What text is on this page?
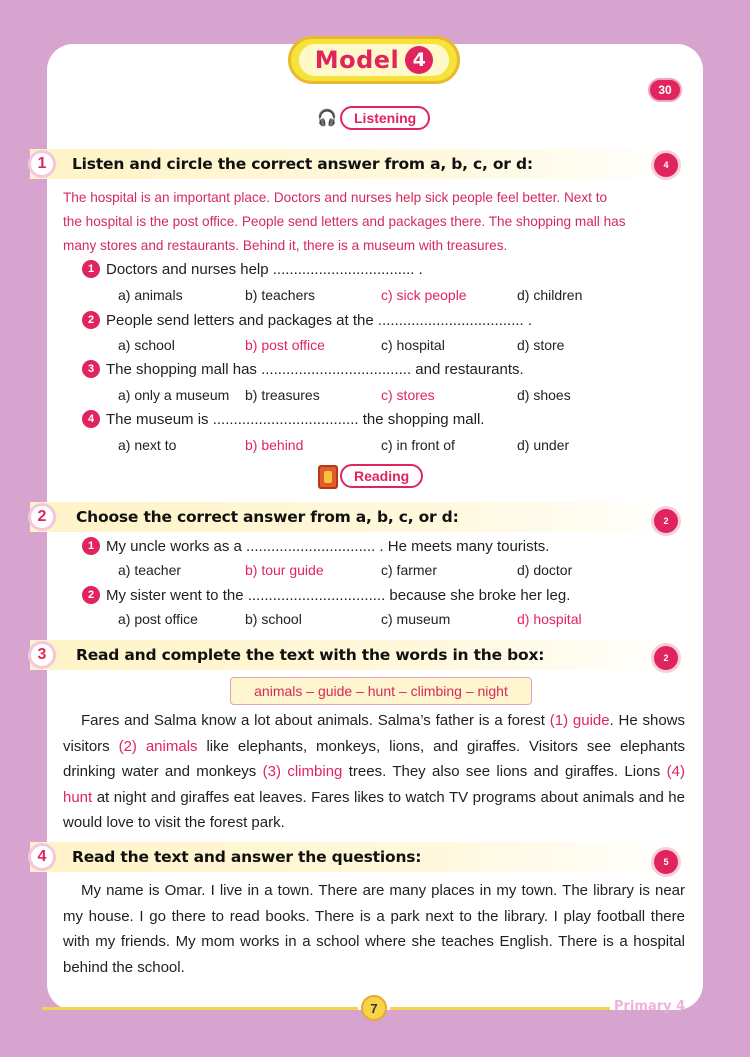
Model 4
30
🎧	Listening
1	Listen and circle the correct answer from a, b, c, or d:	4
The hospital is an important place. Doctors and nurses help sick people feel better. Next to
the hospital is the post office. People send letters and packages there. The shopping mall has
many stores and restaurants. Behind it, there is a museum with treasures.
1 Doctors and nurses help .................................. .
a) animals	b) teachers	c) sick people	d) children
2 People send letters and packages at the ................................... .
a) school	b) post office	c) hospital	d) store
3 The shopping mall has .................................... and restaurants.
a) only a museum b) treasures	c) stores	d) shoes
4 The museum is ................................... the shopping mall.
a) next to	b) behind	c) in front of	d) under
Reading
2	Choose the correct answer from a, b, c, or d:	2
1 My uncle works as a ............................... . He meets many tourists.
a) teacher	b) tour guide	c) farmer	d) doctor
2 My sister went to the ................................. because she broke her leg.
a) post office	b) school	c) museum	d) hospital
3	Read and complete the text with the words in the box:	2
animals – guide – hunt – climbing – night
Fares and Salma know a lot about animals. Salma’s father is a forest (1) guide. He shows visitors (2) animals like elephants, monkeys, lions, and giraffes. Visitors see elephants drinking water and monkeys (3) climbing trees. They also see lions and giraffes. Lions (4) hunt at night and giraffes eat leaves. Fares likes to watch TV programs about animals and he would love to visit the forest park.
4	Read the text and answer the questions:	5
My name is Omar. I live in a town. There are many places in my town. The library is near my house. I go there to read books. There is a park next to the library. I play football there with my friends. My mom works in a school where she teaches English. There is a hospital behind the school.
7	Primary 4
